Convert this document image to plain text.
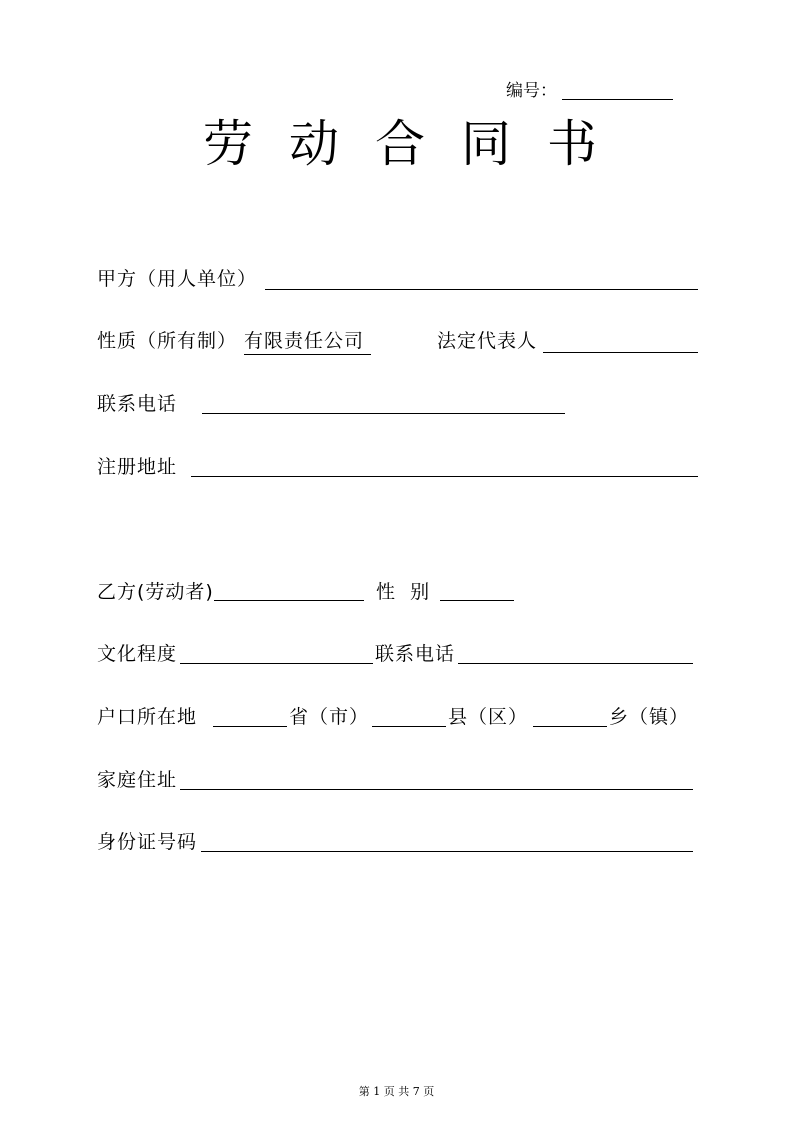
编号：
劳动合同书
甲方（用人单位）
性质（所有制） 有限责任公司	法定代表人
联系电话
注册地址
乙方(劳动者)	性  别
文化程度	联系电话
户口所在地	省（市）	县（区）	乡（镇）
家庭住址
身份证号码
第 1 页 共 7 页
